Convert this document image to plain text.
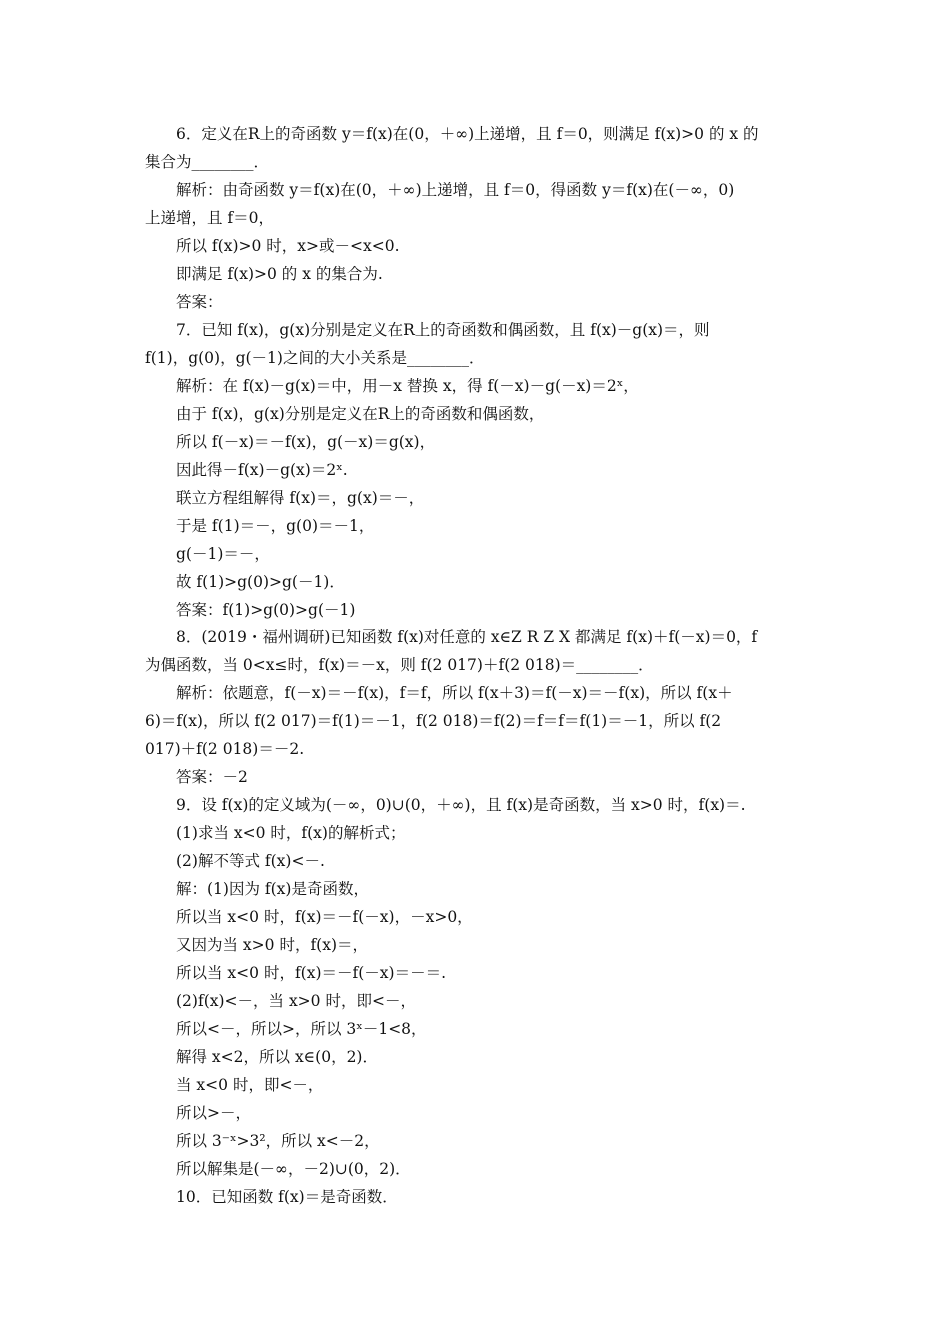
6．定义在R上的奇函数 y＝f(x)在(0，＋∞)上递增，且 f＝0，则满足 f(x)>0 的 x 的
集合为________．
解析：由奇函数 y＝f(x)在(0，＋∞)上递增，且 f＝0，得函数 y＝f(x)在(－∞，0)
上递增，且 f＝0，
所以 f(x)>0 时，x>或－<x<0.
即满足 f(x)>0 的 x 的集合为.
答案：
7．已知 f(x)，g(x)分别是定义在R上的奇函数和偶函数，且 f(x)－g(x)＝，则
f(1)，g(0)，g(－1)之间的大小关系是________．
解析：在 f(x)－g(x)＝中，用－x 替换 x，得 f(－x)－g(－x)＝2ˣ，
由于 f(x)，g(x)分别是定义在R上的奇函数和偶函数，
所以 f(－x)＝－f(x)，g(－x)＝g(x)，
因此得－f(x)－g(x)＝2ˣ.
联立方程组解得 f(x)＝，g(x)＝－，
于是 f(1)＝－，g(0)＝－1，
g(－1)＝－，
故 f(1)>g(0)>g(－1)．
答案：f(1)>g(0)>g(－1)
8．(2019・福州调研)已知函数 f(x)对任意的 x∈Z R Z X 都满足 f(x)＋f(－x)＝0，f
为偶函数，当 0<x≤时，f(x)＝－x，则 f(2 017)＋f(2 018)＝________．
解析：依题意，f(－x)＝－f(x)，f＝f，所以 f(x＋3)＝f(－x)＝－f(x)，所以 f(x＋
6)＝f(x)，所以 f(2 017)＝f(1)＝－1，f(2 018)＝f(2)＝f＝f＝f(1)＝－1，所以 f(2
017)＋f(2 018)＝－2.
答案：－2
9．设 f(x)的定义域为(－∞，0)∪(0，＋∞)，且 f(x)是奇函数，当 x>0 时，f(x)＝.
(1)求当 x<0 时，f(x)的解析式；
(2)解不等式 f(x)<－.
解：(1)因为 f(x)是奇函数，
所以当 x<0 时，f(x)＝－f(－x)，－x>0，
又因为当 x>0 时，f(x)＝，
所以当 x<0 时，f(x)＝－f(－x)＝－＝.
(2)f(x)<－，当 x>0 时，即<－，
所以<－，所以>，所以 3ˣ－1<8，
解得 x<2，所以 x∈(0，2)．
当 x<0 时，即<－，
所以>－，
所以 3⁻ˣ>3²，所以 x<－2，
所以解集是(－∞，－2)∪(0，2)．
10．已知函数 f(x)＝是奇函数．
